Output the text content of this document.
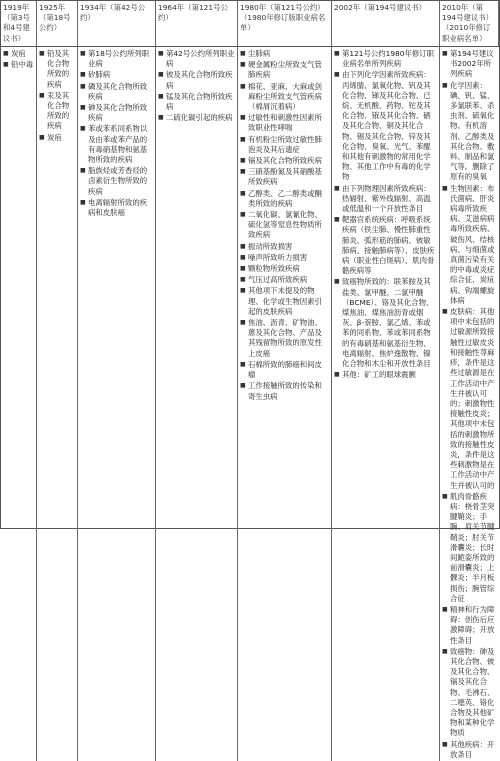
1919年（第3号和4号建议书）
1925年（第18号公约）
1934年（第42号公约）
1964年（第121号公约）
1980年（第121号公约）（1980年修订版职业病名单）
2002年（第194号建议书）	2010年（第194号建议书）（2010年修订职业病名单）
■ 炭疽
■ 铅中毒
■ 铅及其化合物所致的疾病
■ 汞及其化合物所致的疾病
■ 炭疽
■ 第18号公约所列职业病
■ 矽肺病
■ 磷及其化合物所致疾病
■ 砷及其化合物所致疾病
■ 苯或苯系同系物以及由苯或苯产品的有毒硝基物和氨基物所致的疾病
■ 脂族烃或芳香烃的卤素衍生物所致的疾病
■ 电离辐射所致的疾病和皮肤癌
■ 第42号公约所列职业病
■ 铍及其化合物所致疾病
■ 锰及其化合物所致疾病
■ 二硫化碳引起的疾病
■ 尘肺病
■ 硬金属粉尘所致支气管肺疾病
■ 棉花、亚麻、大麻或剑麻粉尘所致支气管疾病（棉屑沉着病）
■ 过敏性和刺激性因素所致职业性哮喘
■ 有机粉尘所致过敏性肺泡炎及其后遗症
■ 镉及其化合物所致疾病
■ 三硝基酚氮及其硝酸基所致疾病
■ 乙醇类、乙二醇类或酮类所致的疾病
■ 二氧化碳、氯氰化物、硫化氢等窒息性物质所致疾病
■ 振动所致损害
■ 噪声所致听力损害
■ 颗粒物所致疾病
■ 气压过高所致疾病
■ 其他项下未提及的物理、化学或生物因素引起的皮肤疾病
■ 焦油、沥青、矿物油、蒽及其化合物、产品及其残留物所致的原发性上皮癌
■ 石棉所致的肺癌和间皮瘤
■ 工作接触所致的传染和寄生虫病
■ 第121号公约1980年修订职业病名单所列疾病
■ 由下列化学因素所致疾病：丙烯腈、氯氧化物、钒及其化合物、锑及其化合物、已烷、无机酸、药物、铊及其化合物、锇及其化合物、硒及其化合物、铜及其化合物、锡及其化合物、锌及其化合物、臭氧、光气、苯醌和其他有刺激物的常用化学物、其他工作中有毒的化学物
■ 由下列物理因素所致疾病：热辐射、紫外线辐射、高温或低温和一个开放性条目
■ 靶器官系统疾病：呼吸系统疾病（铁尘肺、慢性肺重性肺炎、弧形筋的肺病、铍敏肺病、接触肺病等）、皮肤疾病（职业性白斑病）、肌肉骨骼疾病等
■ 致癌物所致的：联苯胺及其盐类、氯甲醚、二氯甲醚（BCME）、铬及其化合物、煤焦油、煤焦油沥青或烟灰、β-萘胺、氯乙烯、苯或苯的同系物、苯或苯同系物的有毒硝基和氨基衍生物、电离辐射、焦炉逸散物、镍化合物和木尘和开放性条目
■ 其他：矿工的眼球震颤
■ 第194号建议书2002年所列疾病
■ 化学因素：碘、钒、锰、多氯联苯、杀虫剂、硫氧化物、有机溶剂、乙醇类及其化合物、敷料、制品和氯气等。删除了原有的臭氧
■ 生物因素：布氏菌病、肝炎病毒所致疾病、艾滋病病毒所致疾病、破伤风、结核病、与细菌或真菌污染有关的中毒或炎症综合征、炭疽病、钩端螺旋体病
■ 皮肤病：其他项中未包括的过敏源所致接触性过敏皮炎和接触性荨麻疹，条件是这些过敏源是在工作活动中产生并被认可的；刺激物性接触性皮炎；其他项中未包括的刺激物所致的接触性皮炎，条件是这些刺激物是在工作活动中产生并被认可的
■ 肌肉骨骼疾病：桡骨茎突腱鞘炎；手腕、肩关节腱鞘炎；肘关节滑囊炎；长时间跪姿所致的前滑囊炎；上髁炎；半月板损伤；腕管综合征
■ 精神和行为障碍：创伤后应激障碍；开放性条目
■ 致癌物：砷及其化合物、铍及其化合物、镉及其化合物、毛沸石、二噁英、铬化合物及其他矿物和某种化学物质
■ 其他疾病：开放条目
